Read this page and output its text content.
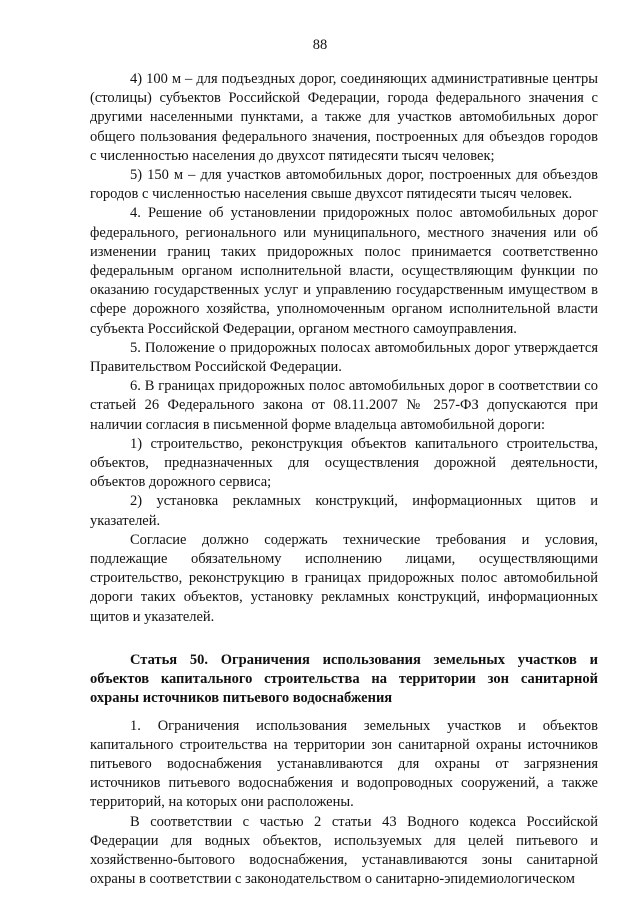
88

4) 100 м – для подъездных дорог, соединяющих административные центры (столицы) субъектов Российской Федерации, города федерального значения с другими населенными пунктами, а также для участков автомобильных дорог общего пользования федерального значения, построенных для объездов городов с численностью населения до двухсот пятидесяти тысяч человек;

5) 150 м – для участков автомобильных дорог, построенных для объездов городов с численностью населения свыше двухсот пятидесяти тысяч человек.

4. Решение об установлении придорожных полос автомобильных дорог федерального, регионального или муниципального, местного значения или об изменении границ таких придорожных полос принимается соответственно федеральным органом исполнительной власти, осуществляющим функции по оказанию государственных услуг и управлению государственным имуществом в сфере дорожного хозяйства, уполномоченным органом исполнительной власти субъекта Российской Федерации, органом местного самоуправления.

5. Положение о придорожных полосах автомобильных дорог утверждается Правительством Российской Федерации.

6. В границах придорожных полос автомобильных дорог в соответствии со статьей 26 Федерального закона от 08.11.2007 № 257-ФЗ допускаются при наличии согласия в письменной форме владельца автомобильной дороги:

1) строительство, реконструкция объектов капитального строительства, объектов, предназначенных для осуществления дорожной деятельности, объектов дорожного сервиса;

2) установка рекламных конструкций, информационных щитов и указателей.

Согласие должно содержать технические требования и условия, подлежащие обязательному исполнению лицами, осуществляющими строительство, реконструкцию в границах придорожных полос автомобильной дороги таких объектов, установку рекламных конструкций, информационных щитов и указателей.

Статья 50. Ограничения использования земельных участков и объектов капитального строительства на территории зон санитарной охраны источников питьевого водоснабжения

1. Ограничения использования земельных участков и объектов капитального строительства на территории зон санитарной охраны источников питьевого водоснабжения устанавливаются для охраны от загрязнения источников питьевого водоснабжения и водопроводных сооружений, а также территорий, на которых они расположены.

В соответствии с частью 2 статьи 43 Водного кодекса Российской Федерации для водных объектов, используемых для целей питьевого и хозяйственно-бытового водоснабжения, устанавливаются зоны санитарной охраны в соответствии с законодательством о санитарно-эпидемиологическом
